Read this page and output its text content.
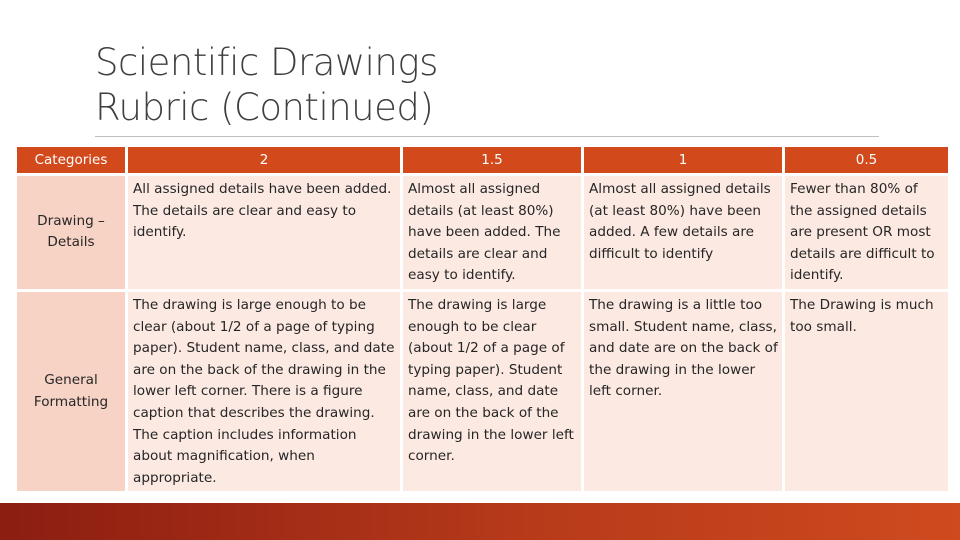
Scientific Drawings
Rubric (Continued)
Categories	2	1.5	1	0.5
Drawing – Details	All assigned details have been added. The details are clear and easy to identify.	Almost all assigned details (at least 80%) have been added. The details are clear and easy to identify.	Almost all assigned details (at least 80%) have been added. A few details are difficult to identify	Fewer than 80% of the assigned details are present OR most details are difficult to identify.
General Formatting	The drawing is large enough to be clear (about 1/2 of a page of typing paper). Student name, class, and date are on the back of the drawing in the lower left corner. There is a figure caption that describes the drawing. The caption includes information about magnification, when appropriate.	The drawing is large enough to be clear (about 1/2 of a page of typing paper). Student name, class, and date are on the back of the drawing in the lower left corner.	The drawing is a little too small. Student name, class, and date are on the back of the drawing in the lower left corner.	The Drawing is much too small.
